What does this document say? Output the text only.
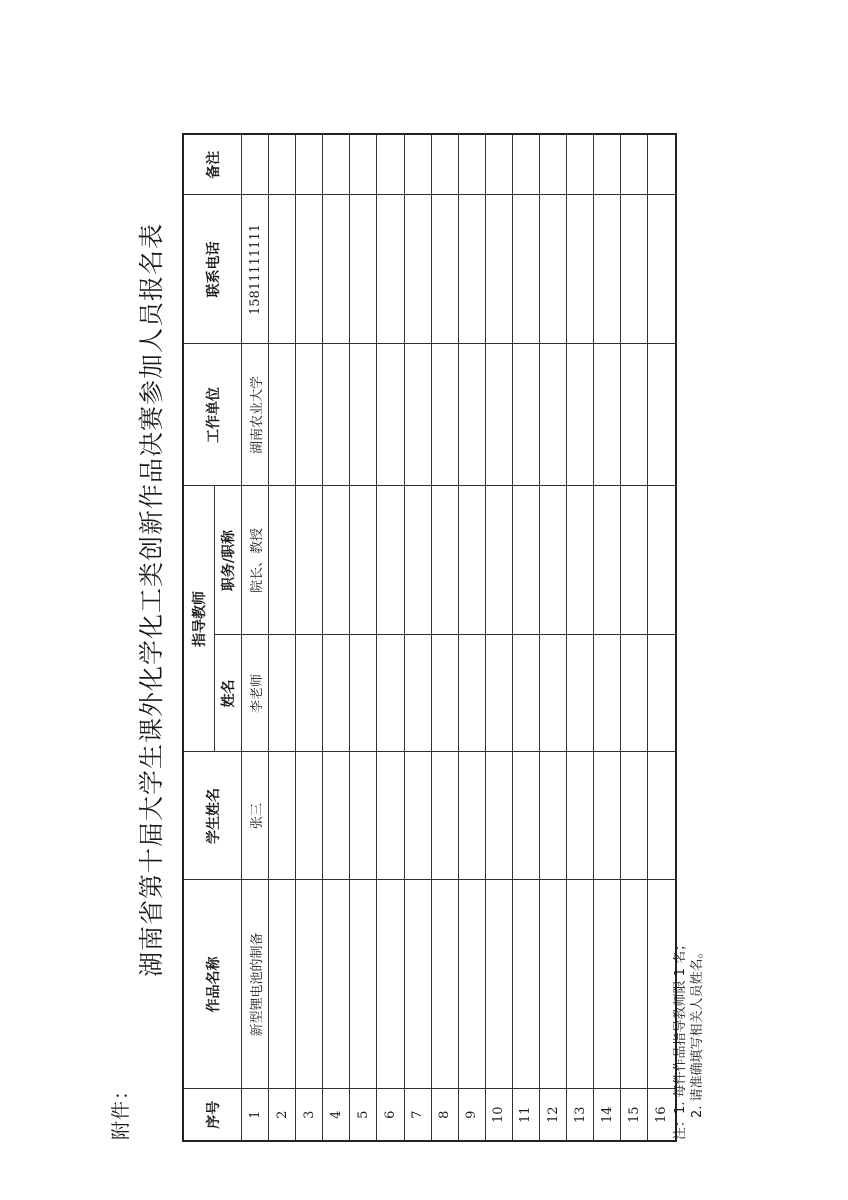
附件：
湖南省第十届大学生课外化学化工类创新作品决赛参加人员报名表
序号	作品名称	学生姓名	指导教师		工作单位	联系电话	备注
			姓名	职务/职称			
1	新型锂电池的制备	张三	李老师	院长、教授	湖南农业大学	15811111111	
2							
3							
4							
5							
6							
7							
8							
9							
10							
11							
12							
13							
14							
15							
16							注：1. 每件作品指导教师限 1 名； 2. 请准确填写相关人员姓名。
